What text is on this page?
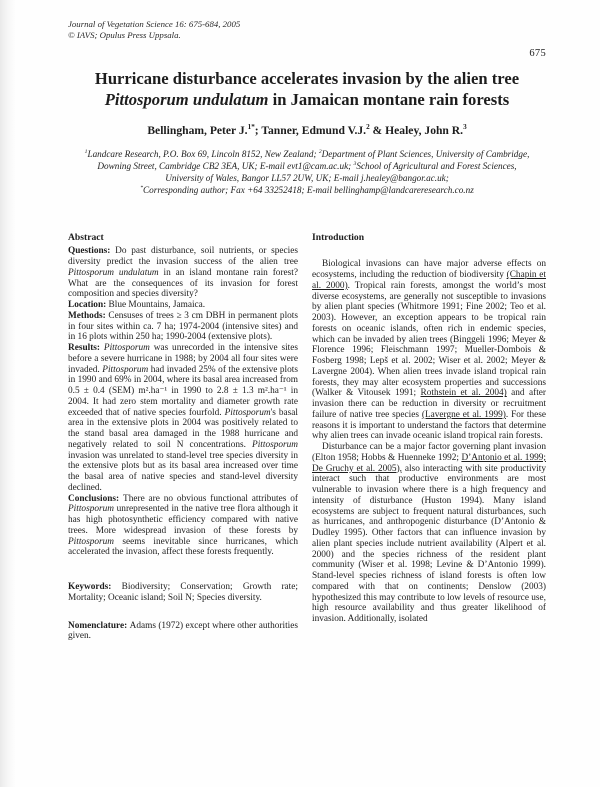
Journal of Vegetation Science 16: 675-684, 2005
© IAVS; Opulus Press Uppsala.
675
Hurricane disturbance accelerates invasion by the alien tree
Pittosporum undulatum in Jamaican montane rain forests
Bellingham, Peter J.$^{1*}$; Tanner, Edmund V.J.$^2$ & Healey, John R.$^3$
$^1$Landcare Research, P.O. Box 69, Lincoln 8152, New Zealand; $^2$Department of Plant Sciences, University of Cambridge,
Downing Street, Cambridge CB2 3EA, UK; E-mail evt1@cam.ac.uk; $^3$School of Agricultural and Forest Sciences,
University of Wales, Bangor LL57 2UW, UK; E-mail j.healey@bangor.ac.uk;
*Corresponding author; Fax +64 33252418; E-mail bellinghamp@landcareresearch.co.nz
Abstract

Questions: Do past disturbance, soil nutrients, or species diversity predict the invasion success of the alien tree Pittosporum undulatum in an island montane rain forest? What are the consequences of its invasion for forest composition and species diversity?

Location: Blue Mountains, Jamaica.

Methods: Censuses of trees ≥ 3 cm DBH in permanent plots in four sites within ca. 7 ha; 1974-2004 (intensive sites) and in 16 plots within 250 ha; 1990-2004 (extensive plots).

Results: Pittosporum was unrecorded in the intensive sites before a severe hurricane in 1988; by 2004 all four sites were invaded. Pittosporum had invaded 25% of the extensive plots in 1990 and 69% in 2004, where its basal area increased from 0.5 ± 0.4 (SEM) m².ha⁻¹ in 1990 to 2.8 ± 1.3 m².ha⁻¹ in 2004. It had zero stem mortality and diameter growth rate exceeded that of native species fourfold. Pittosporum's basal area in the extensive plots in 2004 was positively related to the stand basal area damaged in the 1988 hurricane and negatively related to soil N concentrations. Pittosporum invasion was unrelated to stand-level tree species diversity in the extensive plots but as its basal area increased over time the basal area of native species and stand-level diversity declined.

Conclusions: There are no obvious functional attributes of Pittosporum unrepresented in the native tree flora although it has high photosynthetic efficiency compared with native trees. More widespread invasion of these forests by Pittosporum seems inevitable since hurricanes, which accelerated the invasion, affect these forests frequently.

Keywords: Biodiversity; Conservation; Growth rate; Mortality; Oceanic island; Soil N; Species diversity.

Nomenclature: Adams (1972) except where other authorities given.

Introduction

Biological invasions can have major adverse effects on ecosystems, including the reduction of biodiversity (Chapin et al. 2000). Tropical rain forests, amongst the world’s most diverse ecosystems, are generally not susceptible to invasions by alien plant species (Whitmore 1991; Fine 2002; Teo et al. 2003). However, an exception appears to be tropical rain forests on oceanic islands, often rich in endemic species, which can be invaded by alien trees (Binggeli 1996; Meyer & Florence 1996; Fleischmann 1997; Mueller-Dombois & Fosberg 1998; Lepš et al. 2002; Wiser et al. 2002; Meyer & Lavergne 2004). When alien trees invade island tropical rain forests, they may alter ecosystem properties and successions (Walker & Vitousek 1991; Rothstein et al. 2004) and after invasion there can be reduction in diversity or recruitment failure of native tree species (Lavergne et al. 1999). For these reasons it is important to understand the factors that determine why alien trees can invade oceanic island tropical rain forests.

Disturbance can be a major factor governing plant invasion (Elton 1958; Hobbs & Huenneke 1992; D’Antonio et al. 1999; De Gruchy et al. 2005), also interacting with site productivity interact such that productive environments are most vulnerable to invasion where there is a high frequency and intensity of disturbance (Huston 1994). Many island ecosystems are subject to frequent natural disturbances, such as hurricanes, and anthropogenic disturbance (D’Antonio & Dudley 1995). Other factors that can influence invasion by alien plant species include nutrient availability (Alpert et al. 2000) and the species richness of the resident plant community (Wiser et al. 1998; Levine & D’Antonio 1999). Stand-level species richness of island forests is often low compared with that on continents; Denslow (2003) hypothesized this may contribute to low levels of resource use, high resource availability and thus greater likelihood of invasion. Additionally, isolated
